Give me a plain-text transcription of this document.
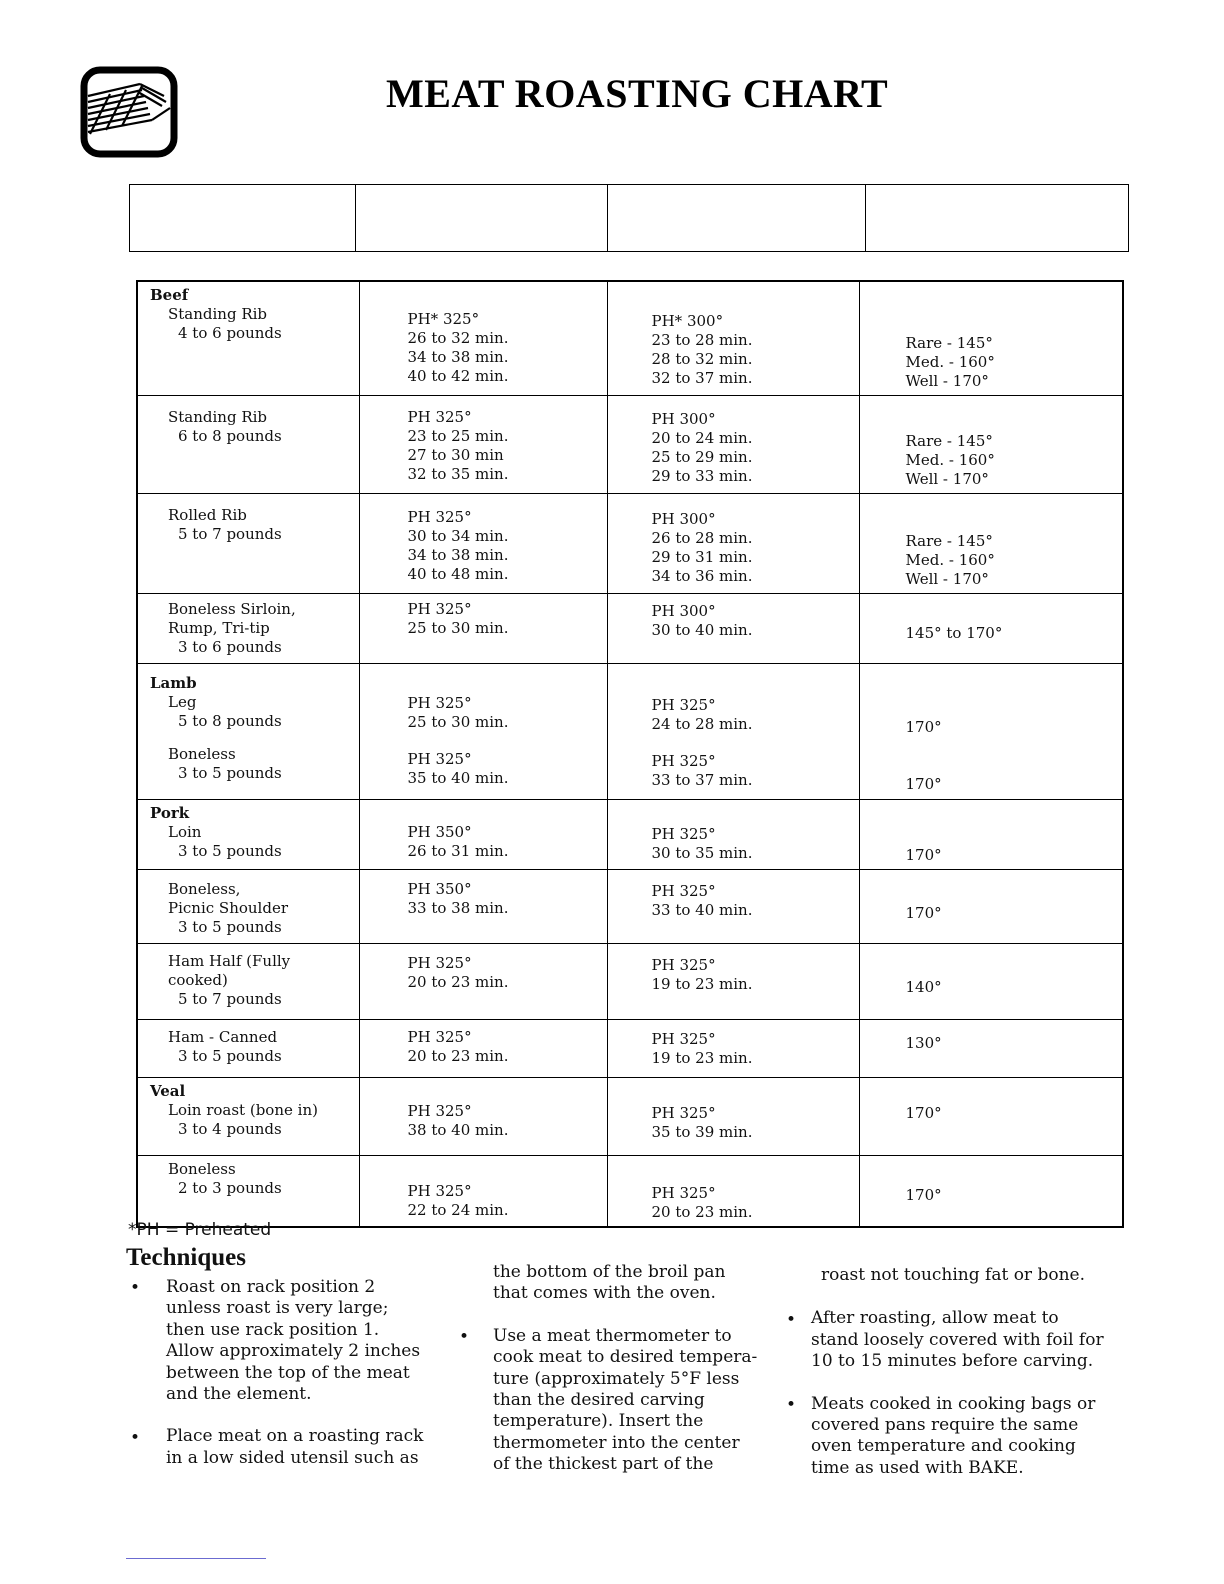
MEAT ROASTING CHART
Beef
Standing Rib
4 to 6 pounds	PH* 325°
26 to 32 min.
34 to 38 min.
40 to 42 min.	PH* 300°
23 to 28 min.
28 to 32 min.
32 to 37 min.	Rare - 145°
Med. - 160°
Well - 170°

Standing Rib
6 to 8 pounds	PH 325°
23 to 25 min.
27 to 30 min
32 to 35 min.	PH 300°
20 to 24 min.
25 to 29 min.
29 to 33 min.	Rare - 145°
Med. - 160°
Well - 170°

Rolled Rib
5 to 7 pounds	PH 325°
30 to 34 min.
34 to 38 min.
40 to 48 min.	PH 300°
26 to 28 min.
29 to 31 min.
34 to 36 min.	Rare - 145°
Med. - 160°
Well - 170°

Boneless Sirloin,
Rump, Tri-tip
3 to 6 pounds	PH 325°
25 to 30 min.	PH 300°
30 to 40 min.	145° to 170°

Lamb
Leg
5 to 8 pounds
Boneless
3 to 5 pounds	PH 325°
25 to 30 min.
PH 325°
35 to 40 min.	PH 325°
24 to 28 min.
PH 325°
33 to 37 min.	170°
170°

Pork
Loin
3 to 5 pounds	PH 350°
26 to 31 min.	PH 325°
30 to 35 min.	170°

Boneless,
Picnic Shoulder
3 to 5 pounds	PH 350°
33 to 38 min.	PH 325°
33 to 40 min.	170°

Ham Half (Fully
cooked)
5 to 7 pounds	PH 325°
20 to 23 min.	PH 325°
19 to 23 min.	140°

Ham - Canned
3 to 5 pounds	PH 325°
20 to 23 min.	PH 325°
19 to 23 min.	130°

Veal
Loin roast (bone in)
3 to 4 pounds	PH 325°
38 to 40 min.	PH 325°
35 to 39 min.	170°

Boneless
2 to 3 pounds	PH 325°
22 to 24 min.	PH 325°
20 to 23 min.	170°
*PH = Preheated
Techniques
•
•
•
•
•

Roast on rack position 2
unless roast is very large;
then use rack position 1.
Allow approximately 2 inches
between the top of the meat
and the element.

Place meat on a roasting rack
in a low sided utensil such as

the bottom of the broil pan
that comes with the oven.

Use a meat thermometer to
cook meat to desired tempera-
ture (approximately 5°F less
than the desired carving
temperature). Insert the
thermometer into the center
of the thickest part of the

roast not touching fat or bone.

After roasting, allow meat to
stand loosely covered with foil for
10 to 15 minutes before carving.

Meats cooked in cooking bags or
covered pans require the same
oven temperature and cooking
time as used with BAKE.
